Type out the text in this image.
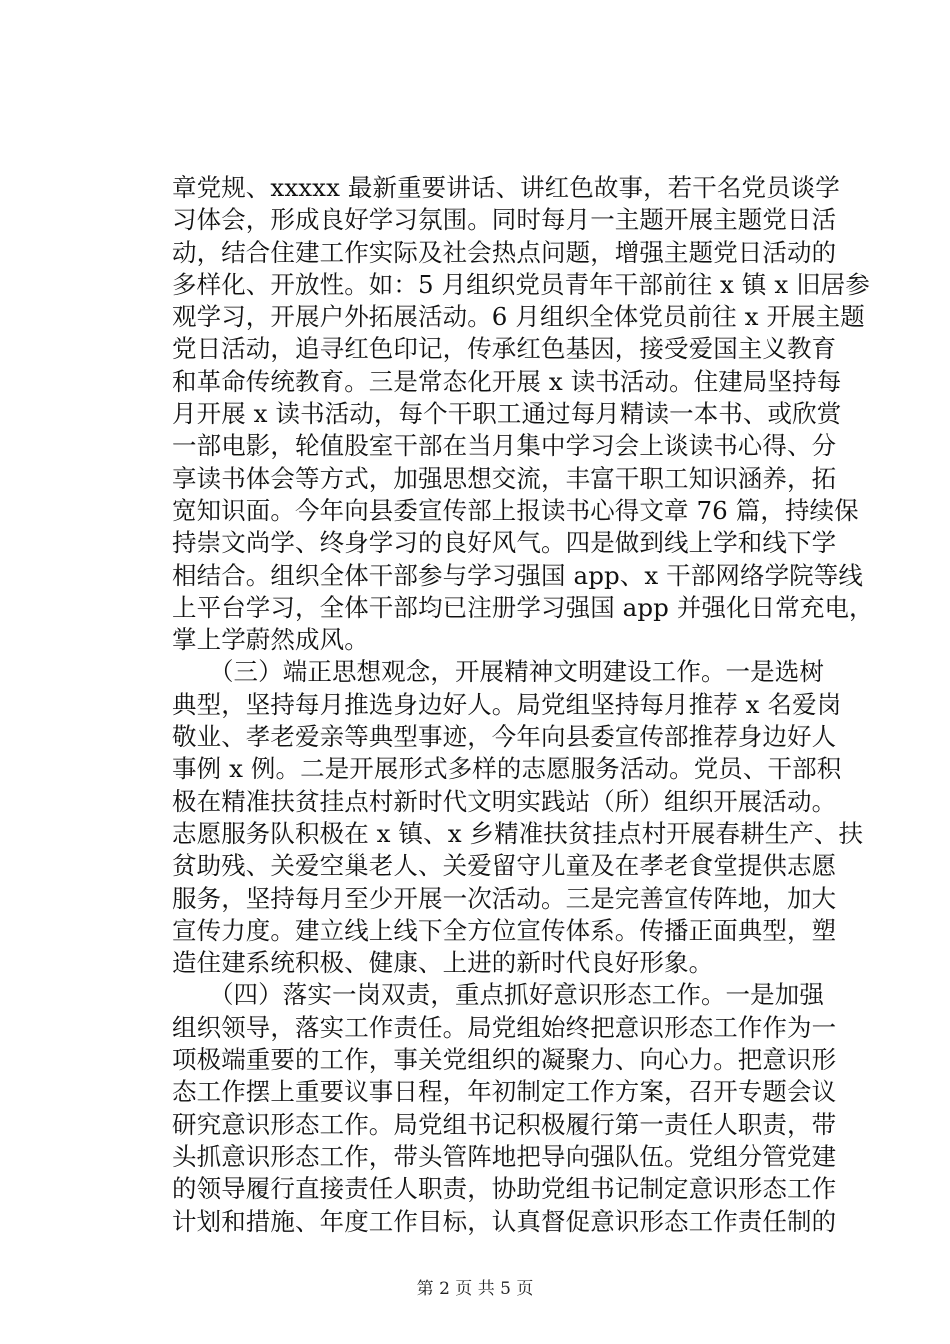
章党规、xxxxx 最新重要讲话、讲红色故事，若干名党员谈学
习体会，形成良好学习氛围。同时每月一主题开展主题党日活
动，结合住建工作实际及社会热点问题，增强主题党日活动的
多样化、开放性。如：5 月组织党员青年干部前往 x 镇 x 旧居参
观学习，开展户外拓展活动。6 月组织全体党员前往 x 开展主题
党日活动，追寻红色印记，传承红色基因，接受爱国主义教育
和革命传统教育。三是常态化开展 x 读书活动。住建局坚持每
月开展 x 读书活动，每个干职工通过每月精读一本书、或欣赏
一部电影，轮值股室干部在当月集中学习会上谈读书心得、分
享读书体会等方式，加强思想交流，丰富干职工知识涵养，拓
宽知识面。今年向县委宣传部上报读书心得文章 76 篇，持续保
持崇文尚学、终身学习的良好风气。四是做到线上学和线下学
相结合。组织全体干部参与学习强国 app、x 干部网络学院等线
上平台学习，全体干部均已注册学习强国 app 并强化日常充电，
掌上学蔚然成风。
　　（三）端正思想观念，开展精神文明建设工作。一是选树
典型，坚持每月推选身边好人。局党组坚持每月推荐 x 名爱岗
敬业、孝老爱亲等典型事迹，今年向县委宣传部推荐身边好人
事例 x 例。二是开展形式多样的志愿服务活动。党员、干部积
极在精准扶贫挂点村新时代文明实践站（所）组织开展活动。
志愿服务队积极在 x 镇、x 乡精准扶贫挂点村开展春耕生产、扶
贫助残、关爱空巢老人、关爱留守儿童及在孝老食堂提供志愿
服务，坚持每月至少开展一次活动。三是完善宣传阵地，加大
宣传力度。建立线上线下全方位宣传体系。传播正面典型，塑
造住建系统积极、健康、上进的新时代良好形象。
　　（四）落实一岗双责，重点抓好意识形态工作。一是加强
组织领导，落实工作责任。局党组始终把意识形态工作作为一
项极端重要的工作，事关党组织的凝聚力、向心力。把意识形
态工作摆上重要议事日程，年初制定工作方案，召开专题会议
研究意识形态工作。局党组书记积极履行第一责任人职责，带
头抓意识形态工作，带头管阵地把导向强队伍。党组分管党建
的领导履行直接责任人职责，协助党组书记制定意识形态工作
计划和措施、年度工作目标，认真督促意识形态工作责任制的
第 2 页 共 5 页
